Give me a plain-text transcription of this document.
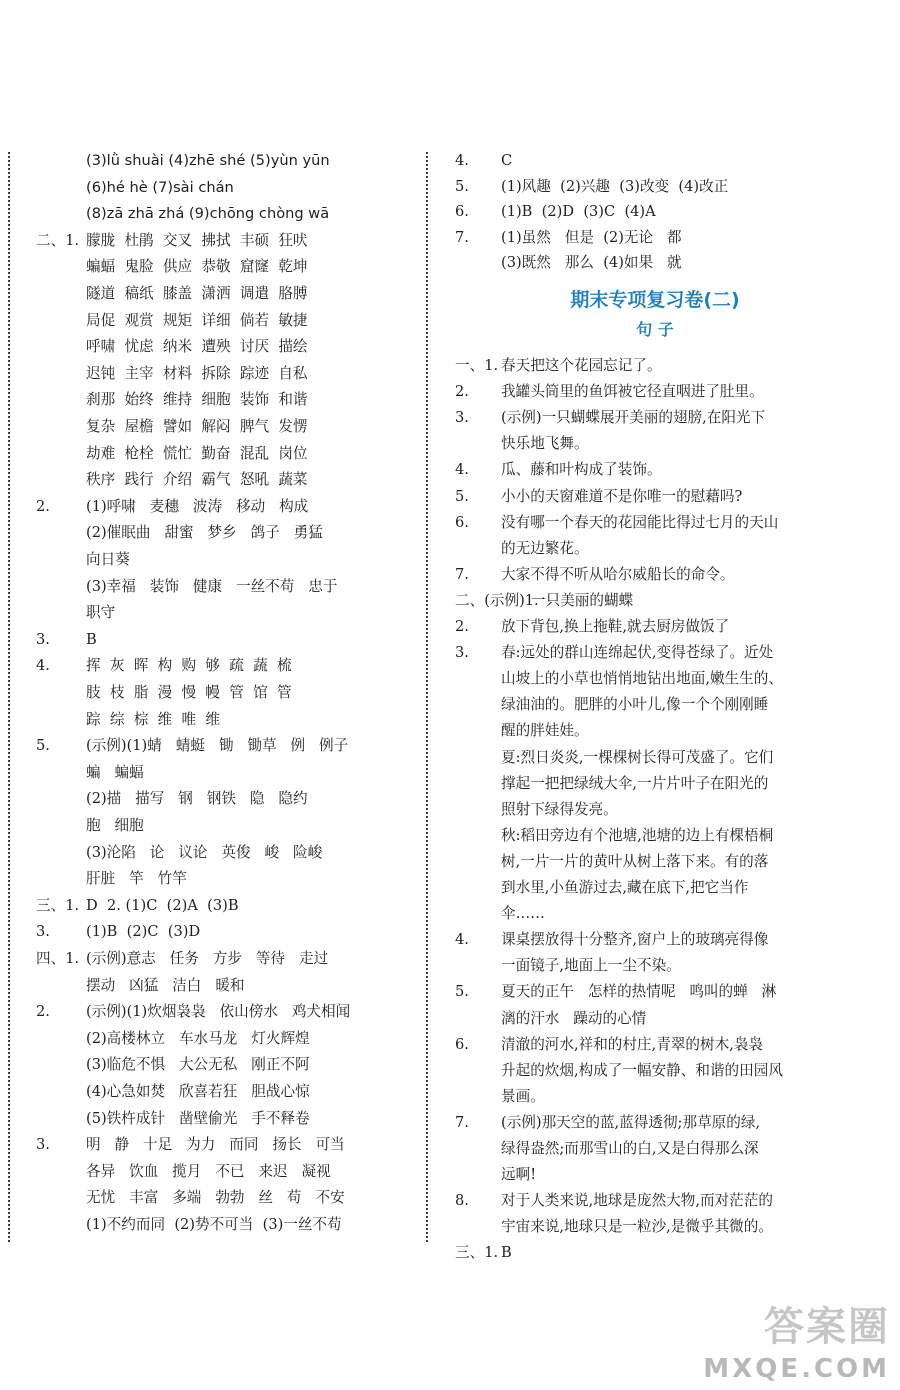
(3)lǜ shuài (4)zhē shé (5)yùn yūn
(6)hé hè (7)sài chán
(8)zā zhā zhá (9)chōng chòng wā
二、1. 朦胧  杜鹃  交叉  拂拭  丰硕  狂吠
蝙蝠  鬼脸  供应  恭敬  窟窿  乾坤
隧道  稿纸  膝盖  潇洒  调遣  胳膊
局促  观赏  规矩  详细  倘若  敏捷
呼啸  忧虑  纳米  遭殃  讨厌  描绘
迟钝  主宰  材料  拆除  踪迹  自私
刹那  始终  维持  细胞  装饰  和谐
复杂  屋檐  譬如  解闷  脾气  发愣
劫难  枪栓  慌忙  勤奋  混乱  岗位
秩序  践行  介绍  霸气  怒吼  蔬菜
2. (1)呼啸   麦穗   波涛   移动   构成
(2)催眠曲   甜蜜   梦乡   鸽子   勇猛
向日葵
(3)幸福   装饰   健康   一丝不苟   忠于
职守
3. B
4. 挥  灰  晖  构  购  够  疏  蔬  梳
肢  枝  脂  漫  慢  幔  管  馆  管
踪  综  棕  维  唯  维
5. (示例)(1)蜻   蜻蜓   锄   锄草   例   例子
蝙   蝙蝠
(2)描   描写   钢   钢铁   隐   隐约
胞   细胞
(3)沦陷   论   议论   英俊   峻   险峻
肝脏   竿   竹竿
三、1. D  2. (1)C  (2)A  (3)B
3. (1)B  (2)C  (3)D
四、1. (示例)意志   任务   方步   等待   走过
摆动   凶猛   洁白   暖和
2. (示例)(1)炊烟袅袅   依山傍水   鸡犬相闻
(2)高楼林立   车水马龙   灯火辉煌
(3)临危不惧   大公无私   刚正不阿
(4)心急如焚   欣喜若狂   胆战心惊
(5)铁杵成针   凿壁偷光   手不释卷
3. 明   静   十足   为力   而同   扬长   可当
各异   饮血   揽月   不已   来迟   凝视
无忧   丰富   多端   勃勃   丝   苟   不安
(1)不约而同  (2)势不可当  (3)一丝不苟
4. C
5. (1)风趣  (2)兴趣  (3)改变  (4)改正
6. (1)B  (2)D  (3)C  (4)A
7. (1)虽然   但是  (2)无论   都
(3)既然   那么  (4)如果   就
期末专项复习卷(二)
句 子
一、1. 春天把这个花园忘记了。
2. 我罐头筒里的鱼饵被它径直咽进了肚里。
3. (示例)一只蝴蝶展开美丽的翅膀,在阳光下
快乐地飞舞。
4. 瓜、藤和叶构成了装饰。
5. 小小的天窗难道不是你唯一的慰藉吗?
6. 没有哪一个春天的花园能比得过七月的天山
的无边繁花。
7. 大家不得不听从哈尔威船长的命令。
二、(示例)1.
一只美丽的蝴蝶
2. 放下背包,换上拖鞋,就去厨房做饭了
3. 春:远处的群山连绵起伏,变得苍绿了。近处
山坡上的小草也悄悄地钻出地面,嫩生生的、
绿油油的。肥胖的小叶儿,像一个个刚刚睡
醒的胖娃娃。
夏:烈日炎炎,一棵棵树长得可茂盛了。它们
撑起一把把绿绒大伞,一片片叶子在阳光的
照射下绿得发亮。
秋:稻田旁边有个池塘,池塘的边上有棵梧桐
树,一片一片的黄叶从树上落下来。有的落
到水里,小鱼游过去,藏在底下,把它当作
伞……
4. 课桌摆放得十分整齐,窗户上的玻璃亮得像
一面镜子,地面上一尘不染。
5. 夏天的正午   怎样的热情呢   鸣叫的蝉   淋
漓的汗水   躁动的心情
6. 清澈的河水,祥和的村庄,青翠的树木,袅袅
升起的炊烟,构成了一幅安静、和谐的田园风
景画。
7. (示例)那天空的蓝,蓝得透彻;那草原的绿,
绿得盎然;而那雪山的白,又是白得那么深
远啊!
8. 对于人类来说,地球是庞然大物,而对茫茫的
宇宙来说,地球只是一粒沙,是微乎其微的。
三、1. B
答案圈
MXQE.COM
